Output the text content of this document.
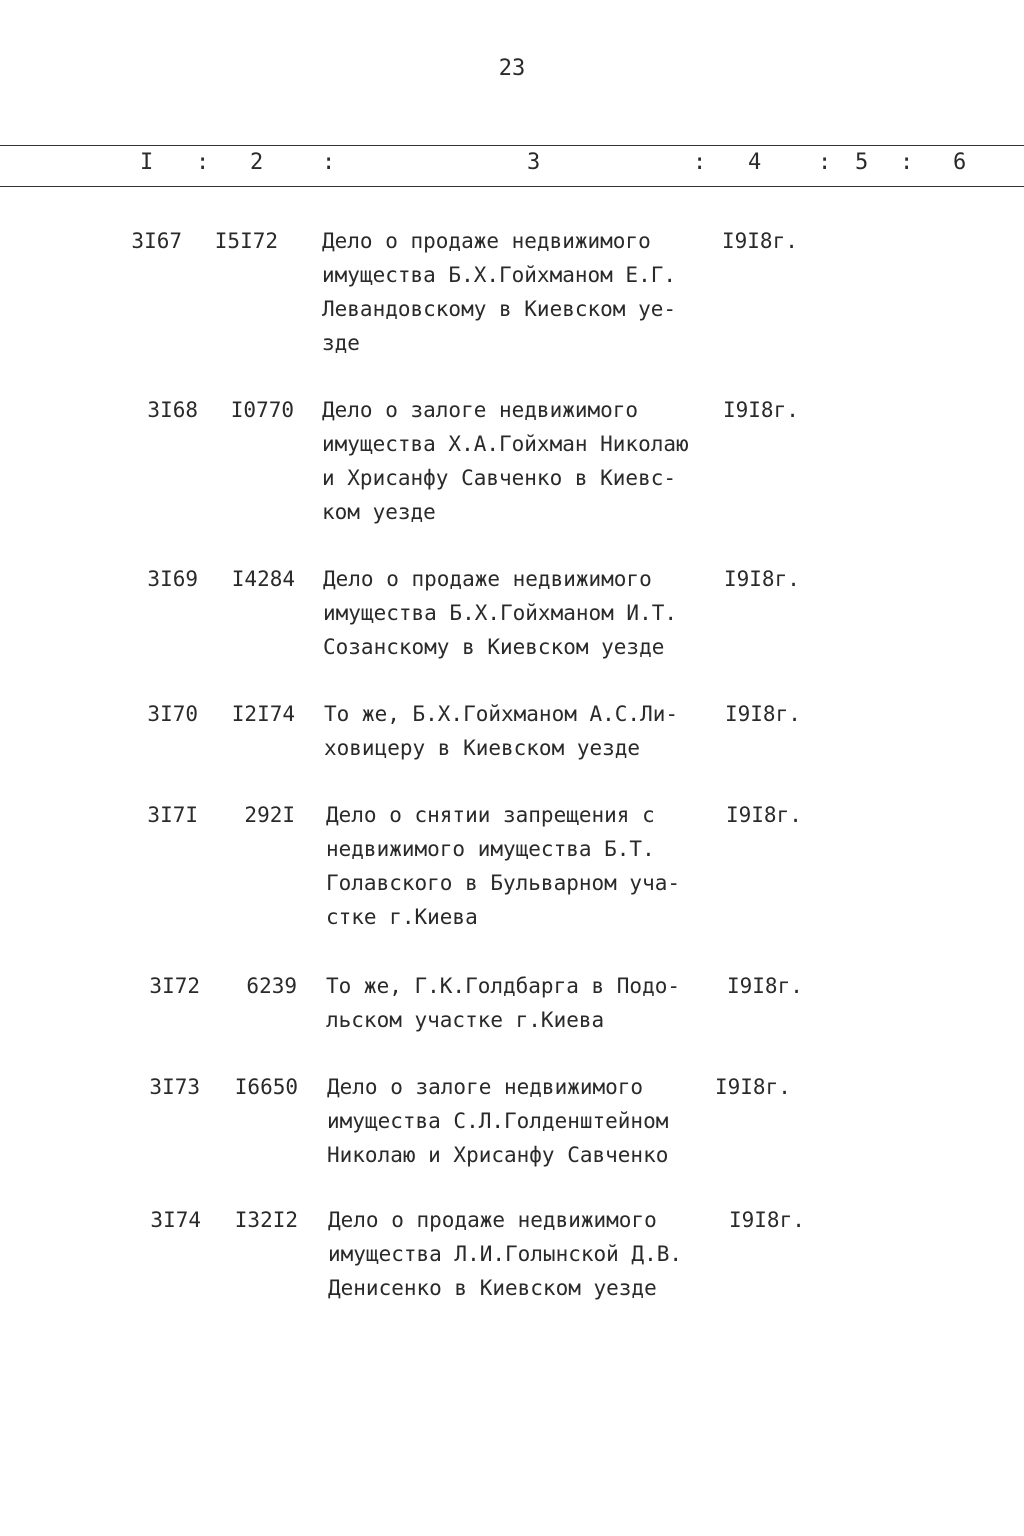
23
I : 2	:	3	: 4	: 5 : 6
3I67	I5I72 Дело о продаже недвижимого
имущества Б.Х.Гойхманом Е.Г.
Левандовскому в Киевском уе-
зде
I9I8г.
3I68	I0770 Дело о залоге недвижимого
имущества Х.А.Гойхман Николаю
и Хрисанфу Савченко в Киевс-
ком уезде
I9I8г.
3I69	I4284 Дело о продаже недвижимого
имущества Б.Х.Гойхманом И.Т.
Созанскому в Киевском уезде
I9I8г.
3I70	I2I74 То же, Б.Х.Гойхманом А.С.Ли-
ховицеру в Киевском уезде
I9I8г.
3I7I	292I Дело о снятии запрещения с
недвижимого имущества Б.Т.
Голавского в Бульварном уча-
стке г.Киева
I9I8г.
3I72	6239 То же, Г.К.Голдбарга в Подо-
льском участке г.Киева
I9I8г.
3I73	I6650 Дело о залоге недвижимого
имущества С.Л.Голденштейном
Николаю и Хрисанфу Савченко
I9I8г.
3I74	I32I2 Дело о продаже недвижимого
имущества Л.И.Голынской Д.В.
Денисенко в Киевском уезде
I9I8г.
